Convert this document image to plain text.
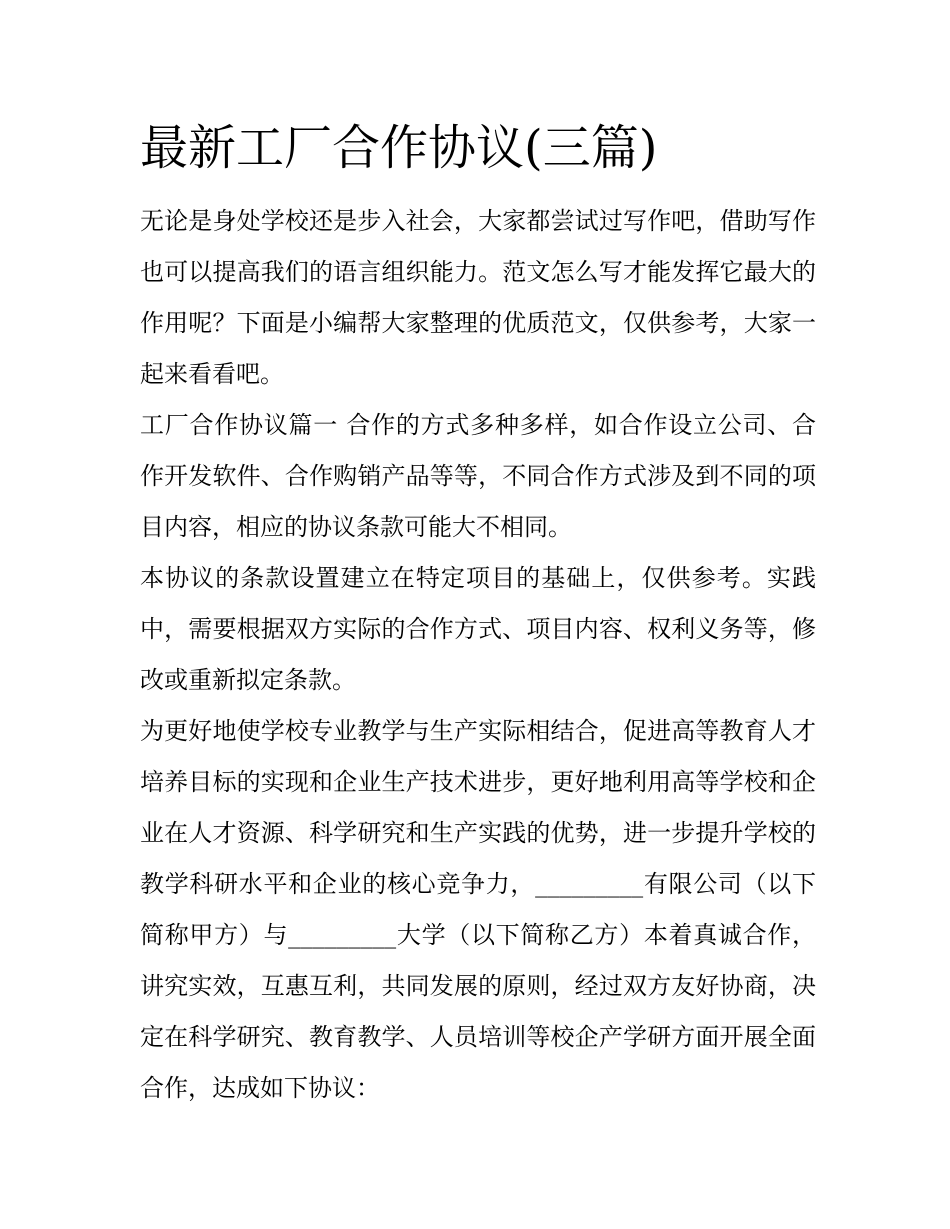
最新工厂合作协议(三篇)

无论是身处学校还是步入社会，大家都尝试过写作吧，借助写作也可以提高我们的语言组织能力。范文怎么写才能发挥它最大的作用呢？下面是小编帮大家整理的优质范文，仅供参考，大家一起来看看吧。

工厂合作协议篇一 合作的方式多种多样，如合作设立公司、合作开发软件、合作购销产品等等，不同合作方式涉及到不同的项目内容，相应的协议条款可能大不相同。

本协议的条款设置建立在特定项目的基础上，仅供参考。实践中，需要根据双方实际的合作方式、项目内容、权利义务等，修改或重新拟定条款。

为更好地使学校专业教学与生产实际相结合，促进高等教育人才培养目标的实现和企业生产技术进步，更好地利用高等学校和企业在人才资源、科学研究和生产实践的优势，进一步提升学校的教学科研水平和企业的核心竞争力，_________有限公司（以下简称甲方）与_________大学（以下简称乙方）本着真诚合作，讲究实效，互惠互利，共同发展的原则，经过双方友好协商，决定在科学研究、教育教学、人员培训等校企产学研方面开展全面合作，达成如下协议：
